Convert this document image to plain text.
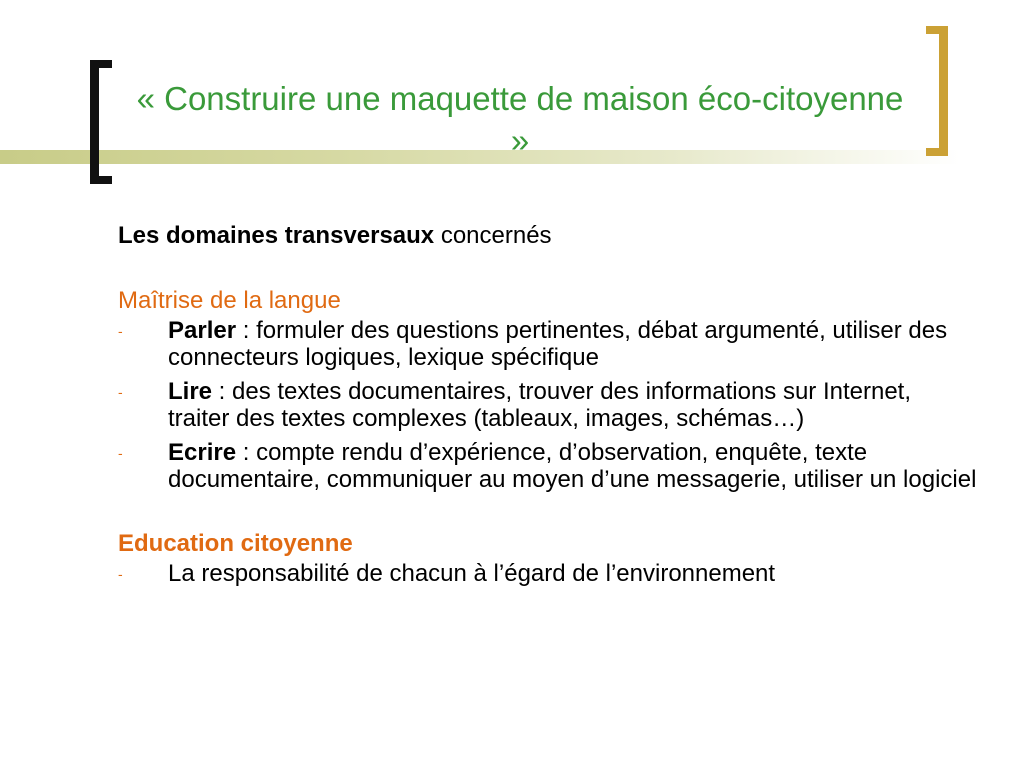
« Construire une maquette de maison éco-citoyenne »
Les domaines transversaux concernés
Maîtrise de la langue
- Parler : formuler des questions pertinentes, débat argumenté, utiliser des connecteurs logiques, lexique spécifique
- Lire : des textes documentaires, trouver des informations sur Internet, traiter des textes complexes (tableaux, images, schémas…)
- Ecrire : compte rendu d’expérience, d’observation, enquête, texte documentaire, communiquer au moyen d’une messagerie, utiliser un logiciel
Education citoyenne
- La responsabilité de chacun à l’égard de l’environnement
